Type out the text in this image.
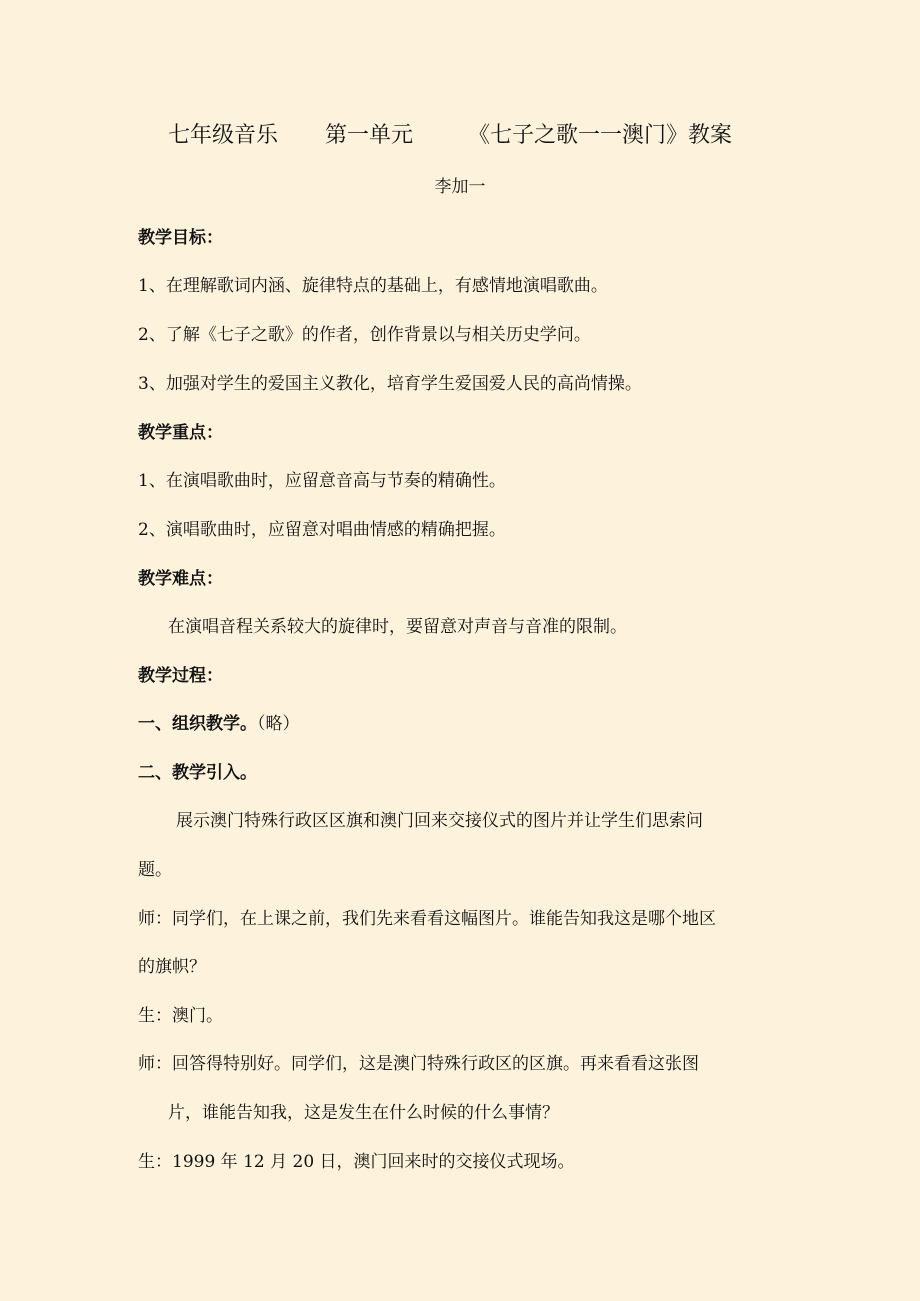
七年级音乐 第一单元 《七子之歌一一澳门》教案
李加一
教学目标：
1、在理解歌词内涵、旋律特点的基础上，有感情地演唱歌曲。
2、了解《七子之歌》的作者，创作背景以与相关历史学问。
3、加强对学生的爱国主义教化，培育学生爱国爱人民的高尚情操。
教学重点：
1、在演唱歌曲时，应留意音高与节奏的精确性。
2、演唱歌曲时，应留意对唱曲情感的精确把握。
教学难点：
在演唱音程关系较大的旋律时，要留意对声音与音准的限制。
教学过程：
一、组织教学。（略）
二、教学引入。
展示澳门特殊行政区区旗和澳门回来交接仪式的图片并让学生们思索问
题。
师：同学们，在上课之前，我们先来看看这幅图片。谁能告知我这是哪个地区
的旗帜？
生：澳门。
师：回答得特别好。同学们，这是澳门特殊行政区的区旗。再来看看这张图
片，谁能告知我，这是发生在什么时候的什么事情？
生：1999 年 12 月 20 日，澳门回来时的交接仪式现场。
